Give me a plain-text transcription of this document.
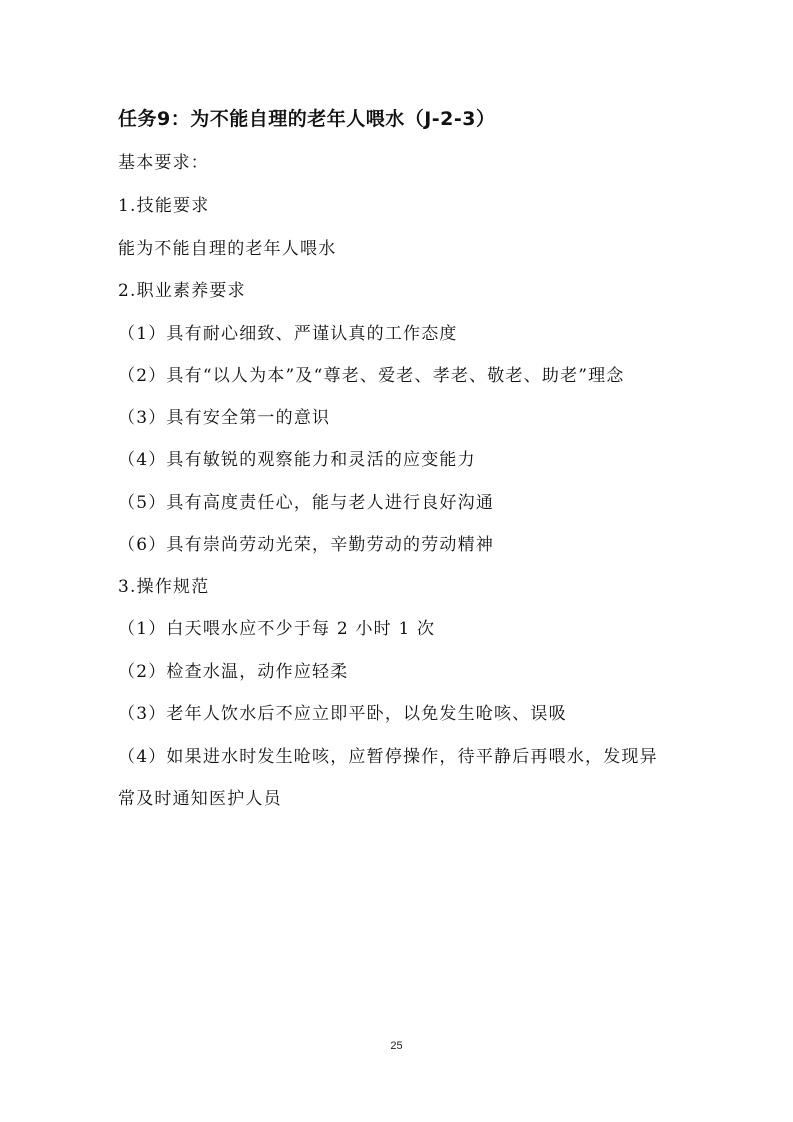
任务9：为不能自理的老年人喂水（J-2-3）
基本要求：
1.技能要求
能为不能自理的老年人喂水
2.职业素养要求
（1）具有耐心细致、严谨认真的工作态度
（2）具有“以人为本”及“尊老、爱老、孝老、敬老、助老”理念
（3）具有安全第一的意识
（4）具有敏锐的观察能力和灵活的应变能力
（5）具有高度责任心，能与老人进行良好沟通
（6）具有崇尚劳动光荣，辛勤劳动的劳动精神
3.操作规范
（1）白天喂水应不少于每 2 小时 1 次
（2）检查水温，动作应轻柔
（3）老年人饮水后不应立即平卧，以免发生呛咳、误吸
（4）如果进水时发生呛咳，应暂停操作，待平静后再喂水，发现异
常及时通知医护人员
25
